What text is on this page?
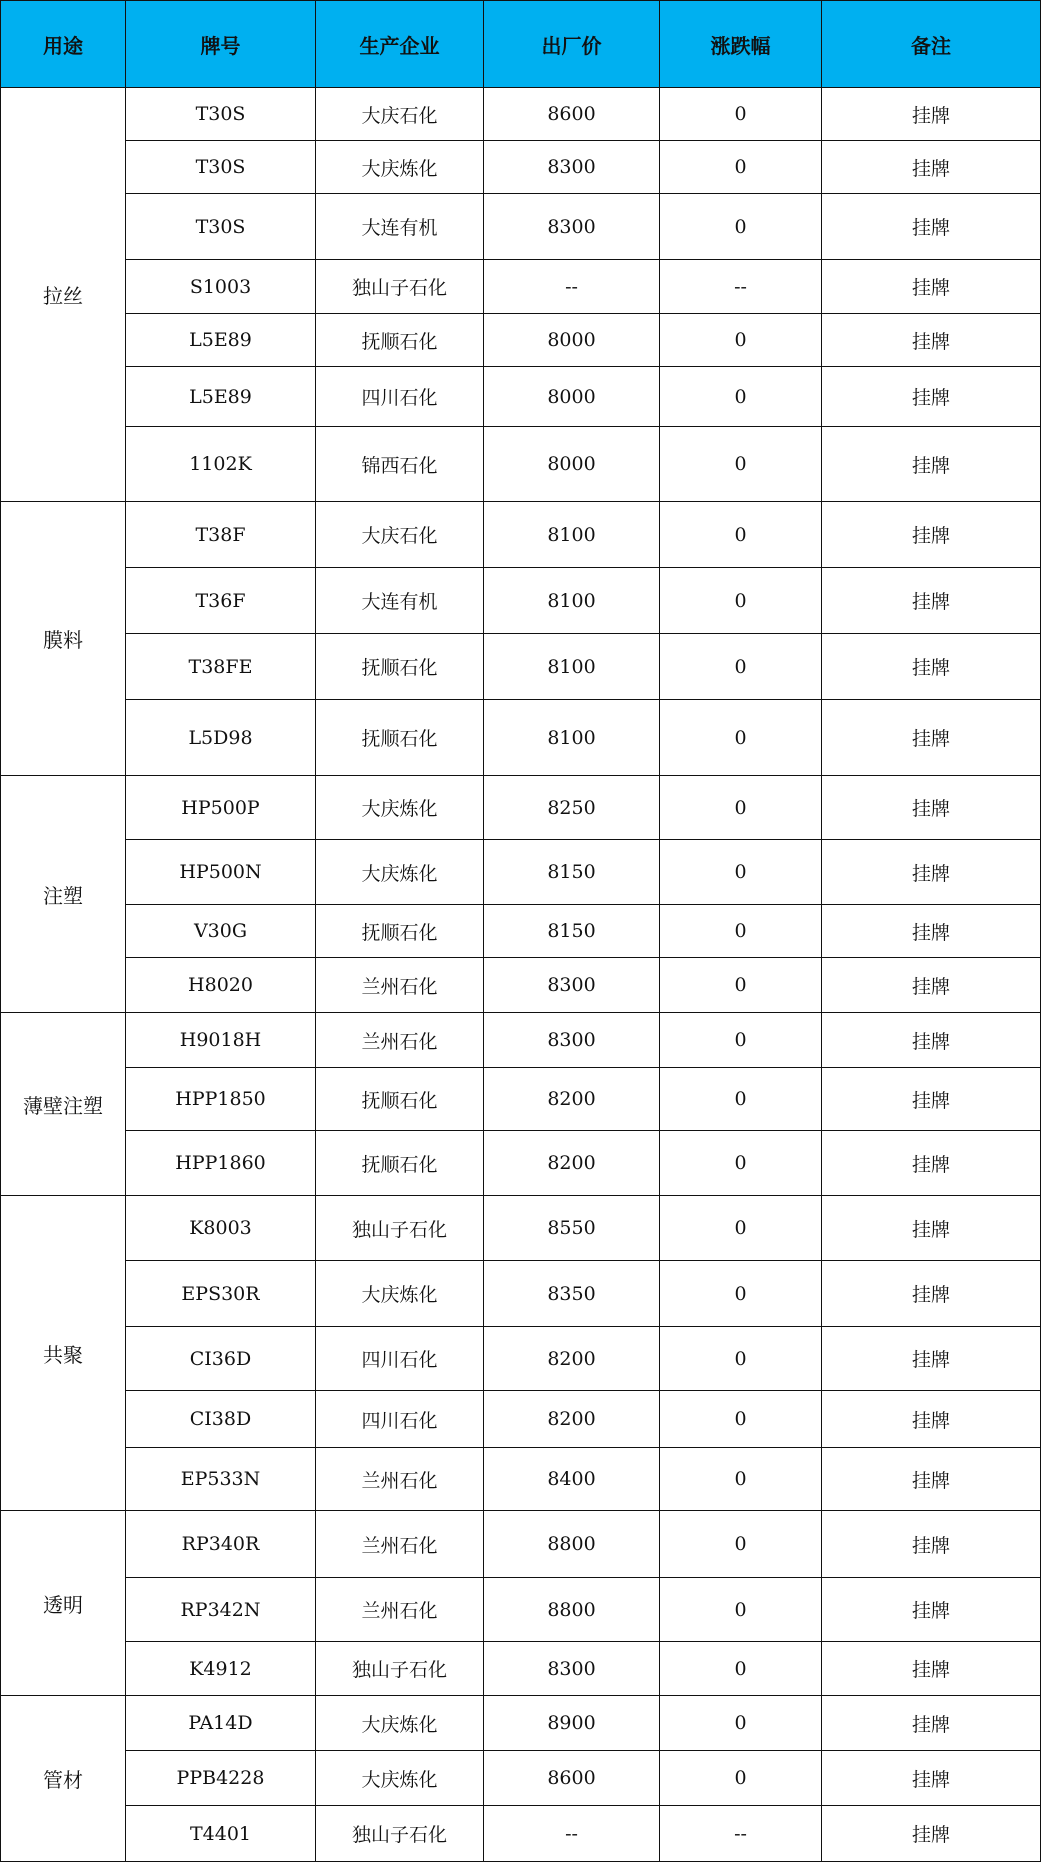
用途	牌号	生产企业	出厂价	涨跌幅	备注
拉丝	T30S	大庆石化	8600	0	挂牌
	T30S	大庆炼化	8300	0	挂牌
	T30S	大连有机	8300	0	挂牌
	S1003	独山子石化	--	--	挂牌
	L5E89	抚顺石化	8000	0	挂牌
	L5E89	四川石化	8000	0	挂牌
	1102K	锦西石化	8000	0	挂牌
膜料	T38F	大庆石化	8100	0	挂牌
	T36F	大连有机	8100	0	挂牌
	T38FE	抚顺石化	8100	0	挂牌
	L5D98	抚顺石化	8100	0	挂牌
注塑	HP500P	大庆炼化	8250	0	挂牌
	HP500N	大庆炼化	8150	0	挂牌
	V30G	抚顺石化	8150	0	挂牌
	H8020	兰州石化	8300	0	挂牌
薄壁注塑	H9018H	兰州石化	8300	0	挂牌
	HPP1850	抚顺石化	8200	0	挂牌
	HPP1860	抚顺石化	8200	0	挂牌
共聚	K8003	独山子石化	8550	0	挂牌
	EPS30R	大庆炼化	8350	0	挂牌
	CI36D	四川石化	8200	0	挂牌
	CI38D	四川石化	8200	0	挂牌
	EP533N	兰州石化	8400	0	挂牌
透明	RP340R	兰州石化	8800	0	挂牌
	RP342N	兰州石化	8800	0	挂牌
	K4912	独山子石化	8300	0	挂牌
管材	PA14D	大庆炼化	8900	0	挂牌
	PPB4228	大庆炼化	8600	0	挂牌
	T4401	独山子石化	--	--	挂牌
